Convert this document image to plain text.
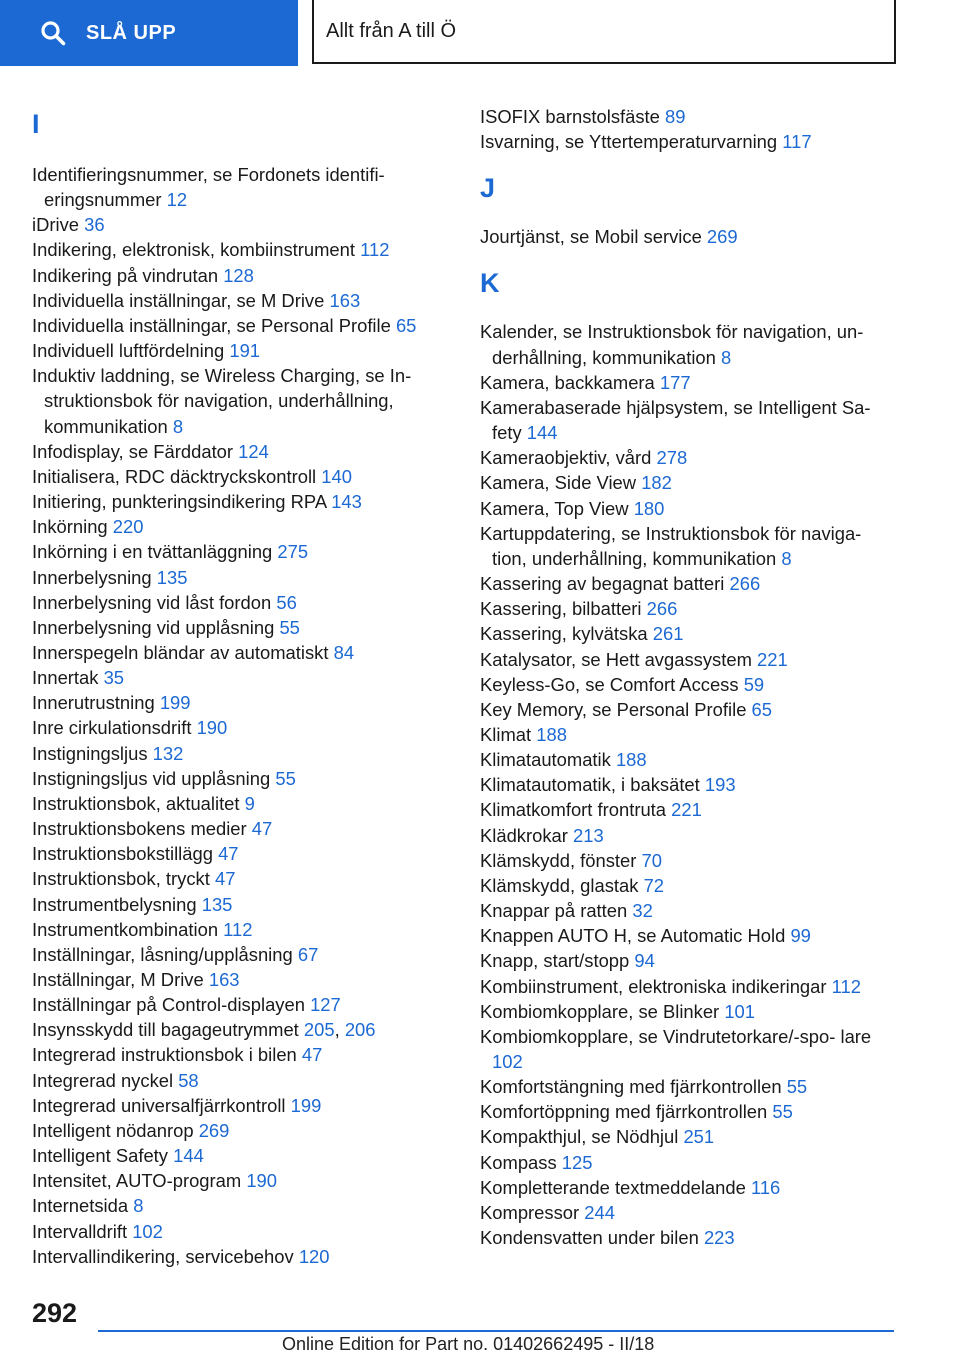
SLÅ UPP	Allt från A till Ö
I

Identifieringsnummer, se Fordonets identifi- eringsnummer 12

iDrive 36

Indikering, elektronisk, kombiinstrument 112

Indikering på vindrutan 128

Individuella inställningar, se M Drive 163

Individuella inställningar, se Personal Profile 65

Individuell luftfördelning 191

Induktiv laddning, se Wireless Charging, se In- struktionsbok för navigation, underhållning, kommunikation 8

Infodisplay, se Färddator 124

Initialisera, RDC däcktryckskontroll 140

Initiering, punkteringsindikering RPA 143

Inkörning 220

Inkörning i en tvättanläggning 275

Innerbelysning 135

Innerbelysning vid låst fordon 56

Innerbelysning vid upplåsning 55

Innerspegeln bländar av automatiskt 84

Innertak 35

Innerutrustning 199

Inre cirkulationsdrift 190

Instigningsljus 132

Instigningsljus vid upplåsning 55

Instruktionsbok, aktualitet 9

Instruktionsbokens medier 47

Instruktionsbokstillägg 47

Instruktionsbok, tryckt 47

Instrumentbelysning 135

Instrumentkombination 112

Inställningar, låsning/upplåsning 67

Inställningar, M Drive 163

Inställningar på Control-displayen 127

Insynsskydd till bagageutrymmet 205, 206

Integrerad instruktionsbok i bilen 47

Integrerad nyckel 58

Integrerad universalfjärrkontroll 199

Intelligent nödanrop 269

Intelligent Safety 144

Intensitet, AUTO-program 190

Internetsida 8

Intervalldrift 102

Intervallindikering, servicebehov 120

ISOFIX barnstolsfäste 89

Isvarning, se Yttertemperaturvarning 117

J

Jourtjänst, se Mobil service 269

K

Kalender, se Instruktionsbok för navigation, un- derhållning, kommunikation 8

Kamera, backkamera 177

Kamerabaserade hjälpsystem, se Intelligent Sa- fety 144

Kameraobjektiv, vård 278

Kamera, Side View 182

Kamera, Top View 180

Kartuppdatering, se Instruktionsbok för naviga- tion, underhållning, kommunikation 8

Kassering av begagnat batteri 266

Kassering, bilbatteri 266

Kassering, kylvätska 261

Katalysator, se Hett avgassystem 221

Keyless-Go, se Comfort Access 59

Key Memory, se Personal Profile 65

Klimat 188

Klimatautomatik 188

Klimatautomatik, i baksätet 193

Klimatkomfort frontruta 221

Klädkrokar 213

Klämskydd, fönster 70

Klämskydd, glastak 72

Knappar på ratten 32

Knappen AUTO H, se Automatic Hold 99

Knapp, start/stopp 94

Kombiinstrument, elektroniska indikeringar 112

Kombiomkopplare, se Blinker 101

Kombiomkopplare, se Vindrutetorkare/-spo- lare 102

Komfortstängning med fjärrkontrollen 55

Komfortöppning med fjärrkontrollen 55

Kompakthjul, se Nödhjul 251

Kompass 125

Kompletterande textmeddelande 116

Kompressor 244

Kondensvatten under bilen 223

292
Online Edition for Part no. 01402662495 - II/18
